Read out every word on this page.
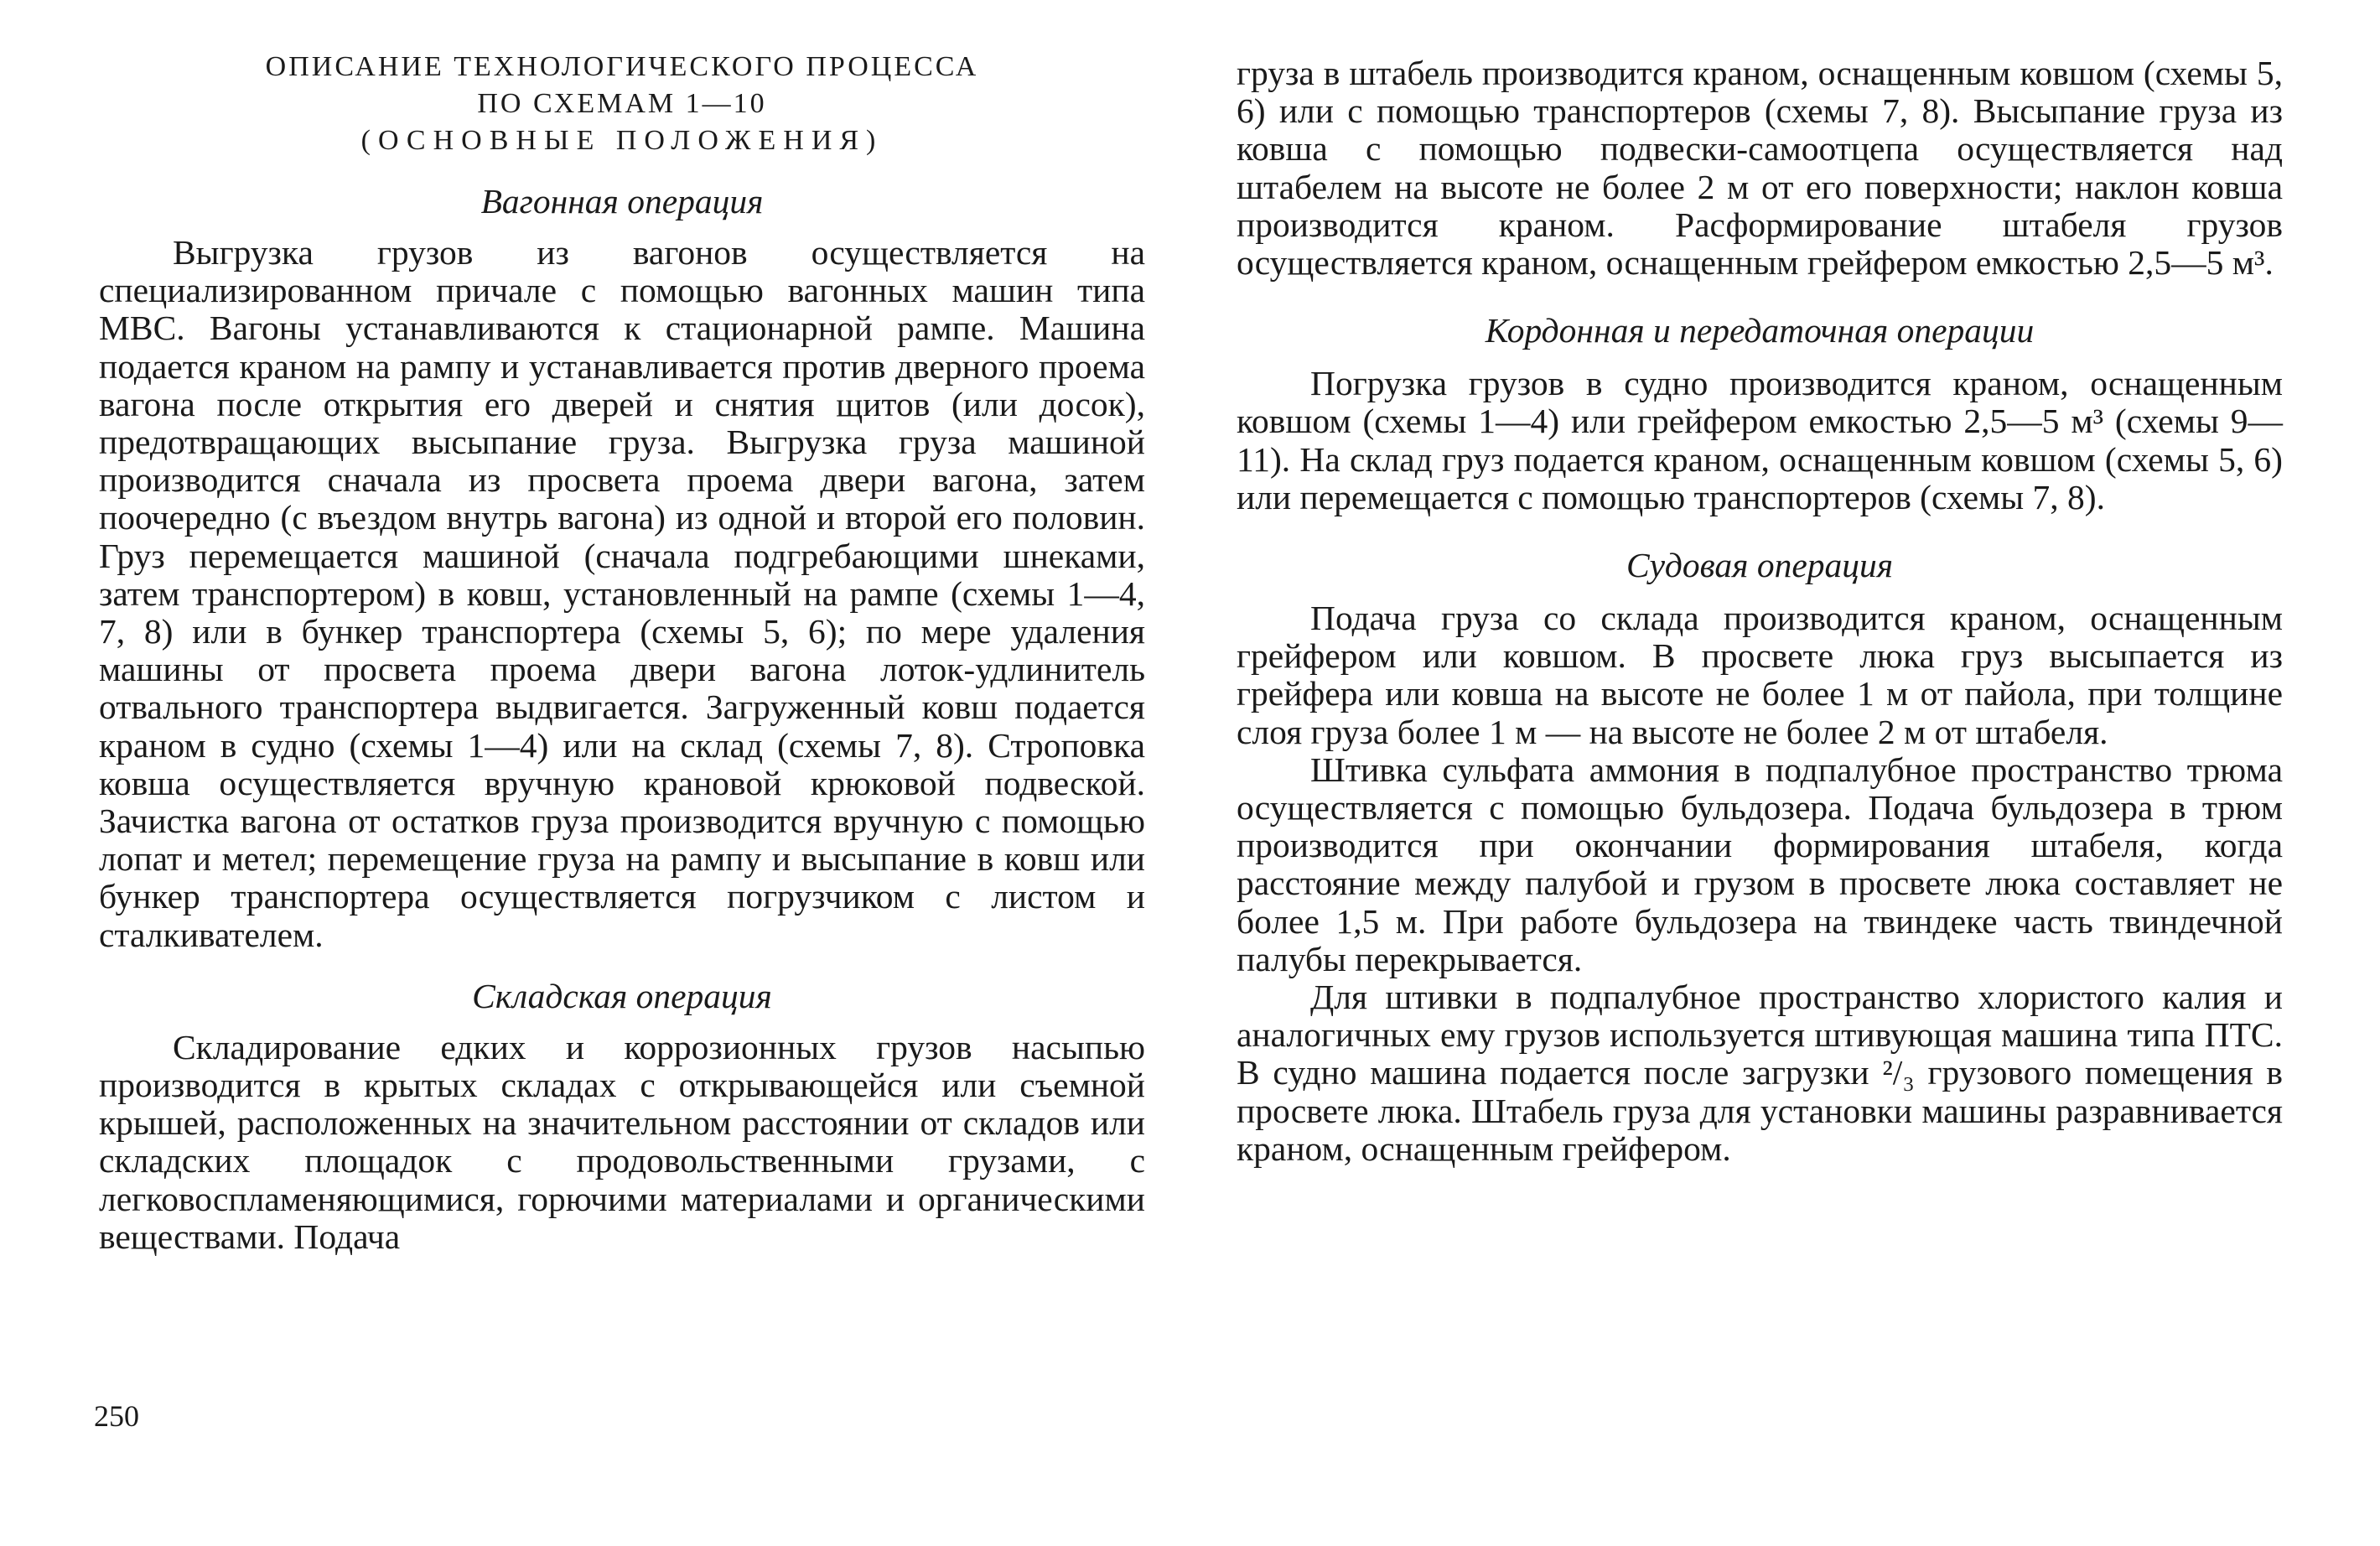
ОПИСАНИЕ ТЕХНОЛОГИЧЕСКОГО ПРОЦЕССА
ПО СХЕМАМ 1—10
(ОСНОВНЫЕ ПОЛОЖЕНИЯ)
Вагонная операция

Выгрузка грузов из вагонов осуществляется на специализированном причале с помощью вагонных машин типа МВС. Вагоны устанавливаются к стационарной рампе. Машина подается краном на рампу и устанавливается против дверного проема вагона после открытия его дверей и снятия щитов (или досок), предотвращающих высыпание груза. Выгрузка груза машиной производится сначала из просвета проема двери вагона, затем поочередно (с въездом внутрь вагона) из одной и второй его половин. Груз перемещается машиной (сначала подгребающими шнеками, затем транспортером) в ковш, установленный на рампе (схемы 1—4, 7, 8) или в бункер транспортера (схемы 5, 6); по мере удаления машины от просвета проема двери вагона лоток-удлинитель отвального транспортера выдвигается. Загруженный ковш подается краном в судно (схемы 1—4) или на склад (схемы 7, 8). Строповка ковша осуществляется вручную крановой крюковой подвеской. Зачистка вагона от остатков груза производится вручную с помощью лопат и метел; перемещение груза на рампу и высыпание в ковш или бункер транспортера осуществляется погрузчиком с листом и сталкивателем.

Складская операция

Складирование едких и коррозионных грузов насыпью производится в крытых складах с открывающейся или съемной крышей, расположенных на значительном расстоянии от складов или складских площадок с продовольственными грузами, с легковоспламеняющимися, горючими материалами и органическими веществами. Подача

250

груза в штабель производится краном, оснащенным ковшом (схемы 5, 6) или с помощью транспортеров (схемы 7, 8). Высыпание груза из ковша с помощью подвески-самоотцепа осуществляется над штабелем на высоте не более 2 м от его поверхности; наклон ковша производится краном. Расформирование штабеля грузов осуществляется краном, оснащенным грейфером емкостью 2,5—5 м³.

Кордонная и передаточная операции

Погрузка грузов в судно производится краном, оснащенным ковшом (схемы 1—4) или грейфером емкостью 2,5—5 м³ (схемы 9—11). На склад груз подается краном, оснащенным ковшом (схемы 5, 6) или перемещается с помощью транспортеров (схемы 7, 8).

Судовая операция

Подача груза со склада производится краном, оснащенным грейфером или ковшом. В просвете люка груз высыпается из грейфера или ковша на высоте не более 1 м от пайола, при толщине слоя груза более 1 м — на высоте не более 2 м от штабеля.

Штивка сульфата аммония в подпалубное пространство трюма осуществляется с помощью бульдозера. Подача бульдозера в трюм производится при окончании формирования штабеля, когда расстояние между палубой и грузом в просвете люка составляет не более 1,5 м. При работе бульдозера на твиндеке часть твиндечной палубы перекрывается.

Для штивки в подпалубное пространство хлористого калия и аналогичных ему грузов используется штивующая машина типа ПТС. В судно машина подается после загрузки ²/₃ грузового помещения в просвете люка. Штабель груза для установки машины разравнивается краном, оснащенным грейфером.
